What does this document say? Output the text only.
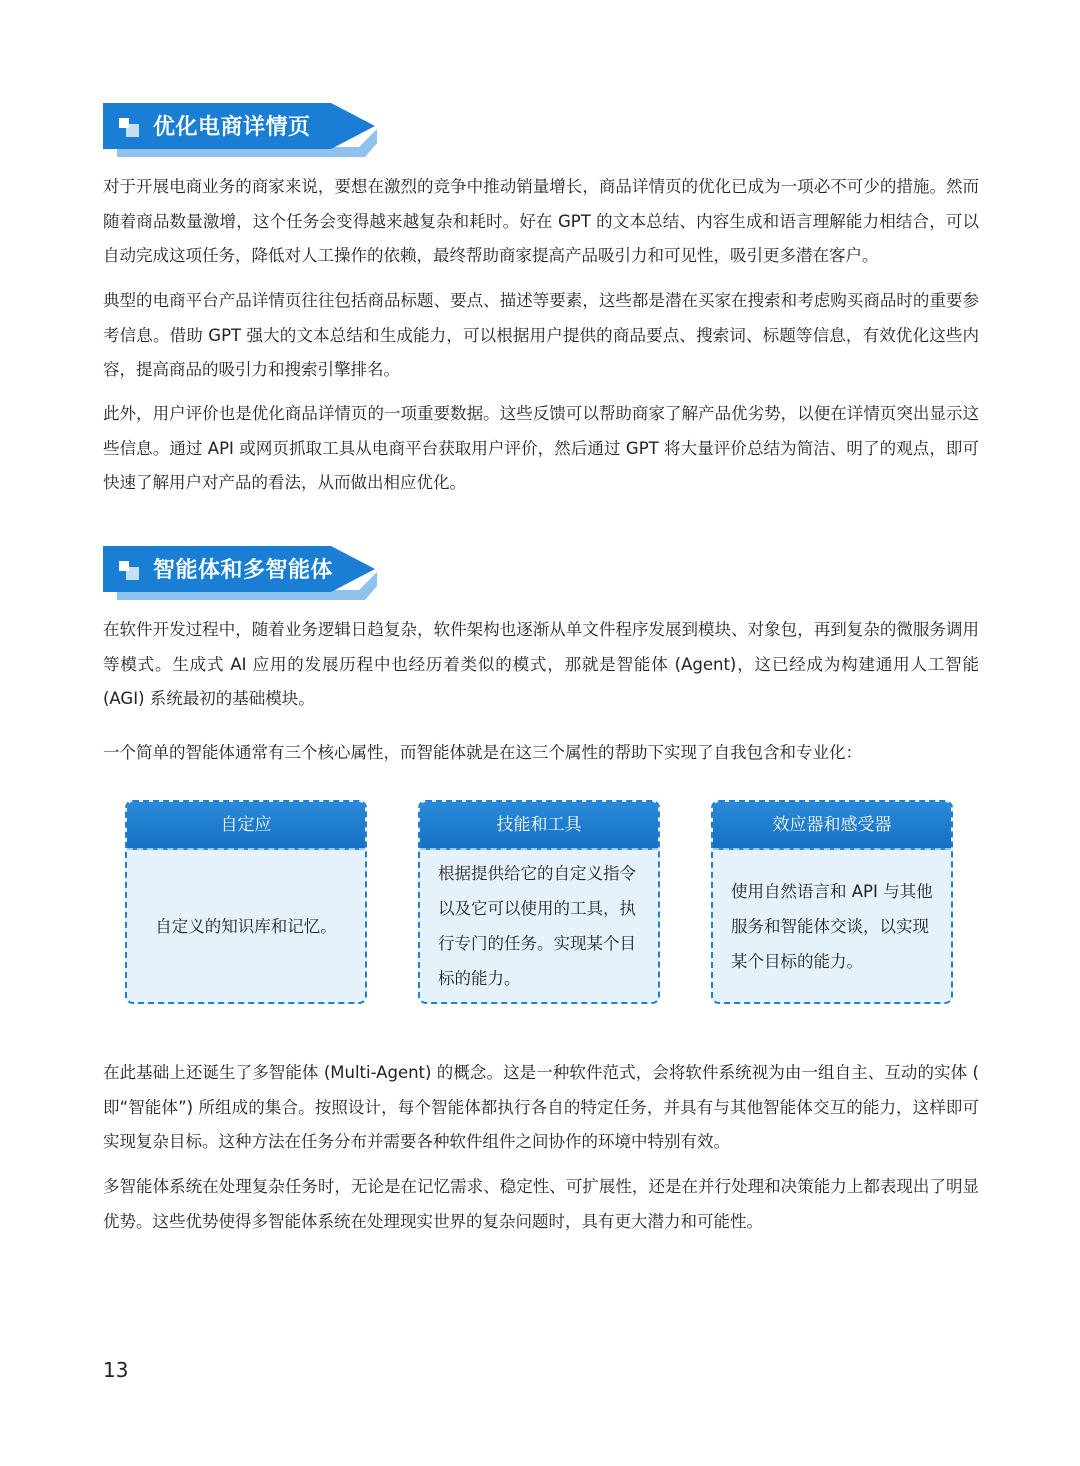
优化电商详情页

对于开展电商业务的商家来说，要想在激烈的竞争中推动销量增长，商品详情页的优化已成为一项必不可少的措施。然而随着商品数量激增，这个任务会变得越来越复杂和耗时。好在 GPT 的文本总结、内容生成和语言理解能力相结合，可以自动完成这项任务，降低对人工操作的依赖，最终帮助商家提高产品吸引力和可见性，吸引更多潜在客户。

典型的电商平台产品详情页往往包括商品标题、要点、描述等要素，这些都是潜在买家在搜索和考虑购买商品时的重要参考信息。借助 GPT 强大的文本总结和生成能力，可以根据用户提供的商品要点、搜索词、标题等信息，有效优化这些内容，提高商品的吸引力和搜索引擎排名。

此外，用户评价也是优化商品详情页的一项重要数据。这些反馈可以帮助商家了解产品优劣势，以便在详情页突出显示这些信息。通过 API 或网页抓取工具从电商平台获取用户评价，然后通过 GPT 将大量评价总结为简洁、明了的观点，即可快速了解用户对产品的看法，从而做出相应优化。

智能体和多智能体

在软件开发过程中，随着业务逻辑日趋复杂，软件架构也逐渐从单文件程序发展到模块、对象包，再到复杂的微服务调用等模式。生成式 AI 应用的发展历程中也经历着类似的模式，那就是智能体 (Agent)，这已经成为构建通用人工智能 (AGI) 系统最初的基础模块。

一个简单的智能体通常有三个核心属性，而智能体就是在这三个属性的帮助下实现了自我包含和专业化：

自定应
自定义的知识库和记忆。
技能和工具
根据提供给它的自定义指令以及它可以使用的工具，执行专门的任务。实现某个目标的能力。
效应器和感受器
使用自然语言和 API 与其他服务和智能体交谈，以实现某个目标的能力。

在此基础上还诞生了多智能体 (Multi-Agent) 的概念。这是一种软件范式，会将软件系统视为由一组自主、互动的实体 ( 即“智能体”) 所组成的集合。按照设计，每个智能体都执行各自的特定任务，并具有与其他智能体交互的能力，这样即可实现复杂目标。这种方法在任务分布并需要各种软件组件之间协作的环境中特别有效。

多智能体系统在处理复杂任务时，无论是在记忆需求、稳定性、可扩展性，还是在并行处理和决策能力上都表现出了明显优势。这些优势使得多智能体系统在处理现实世界的复杂问题时，具有更大潜力和可能性。

13
